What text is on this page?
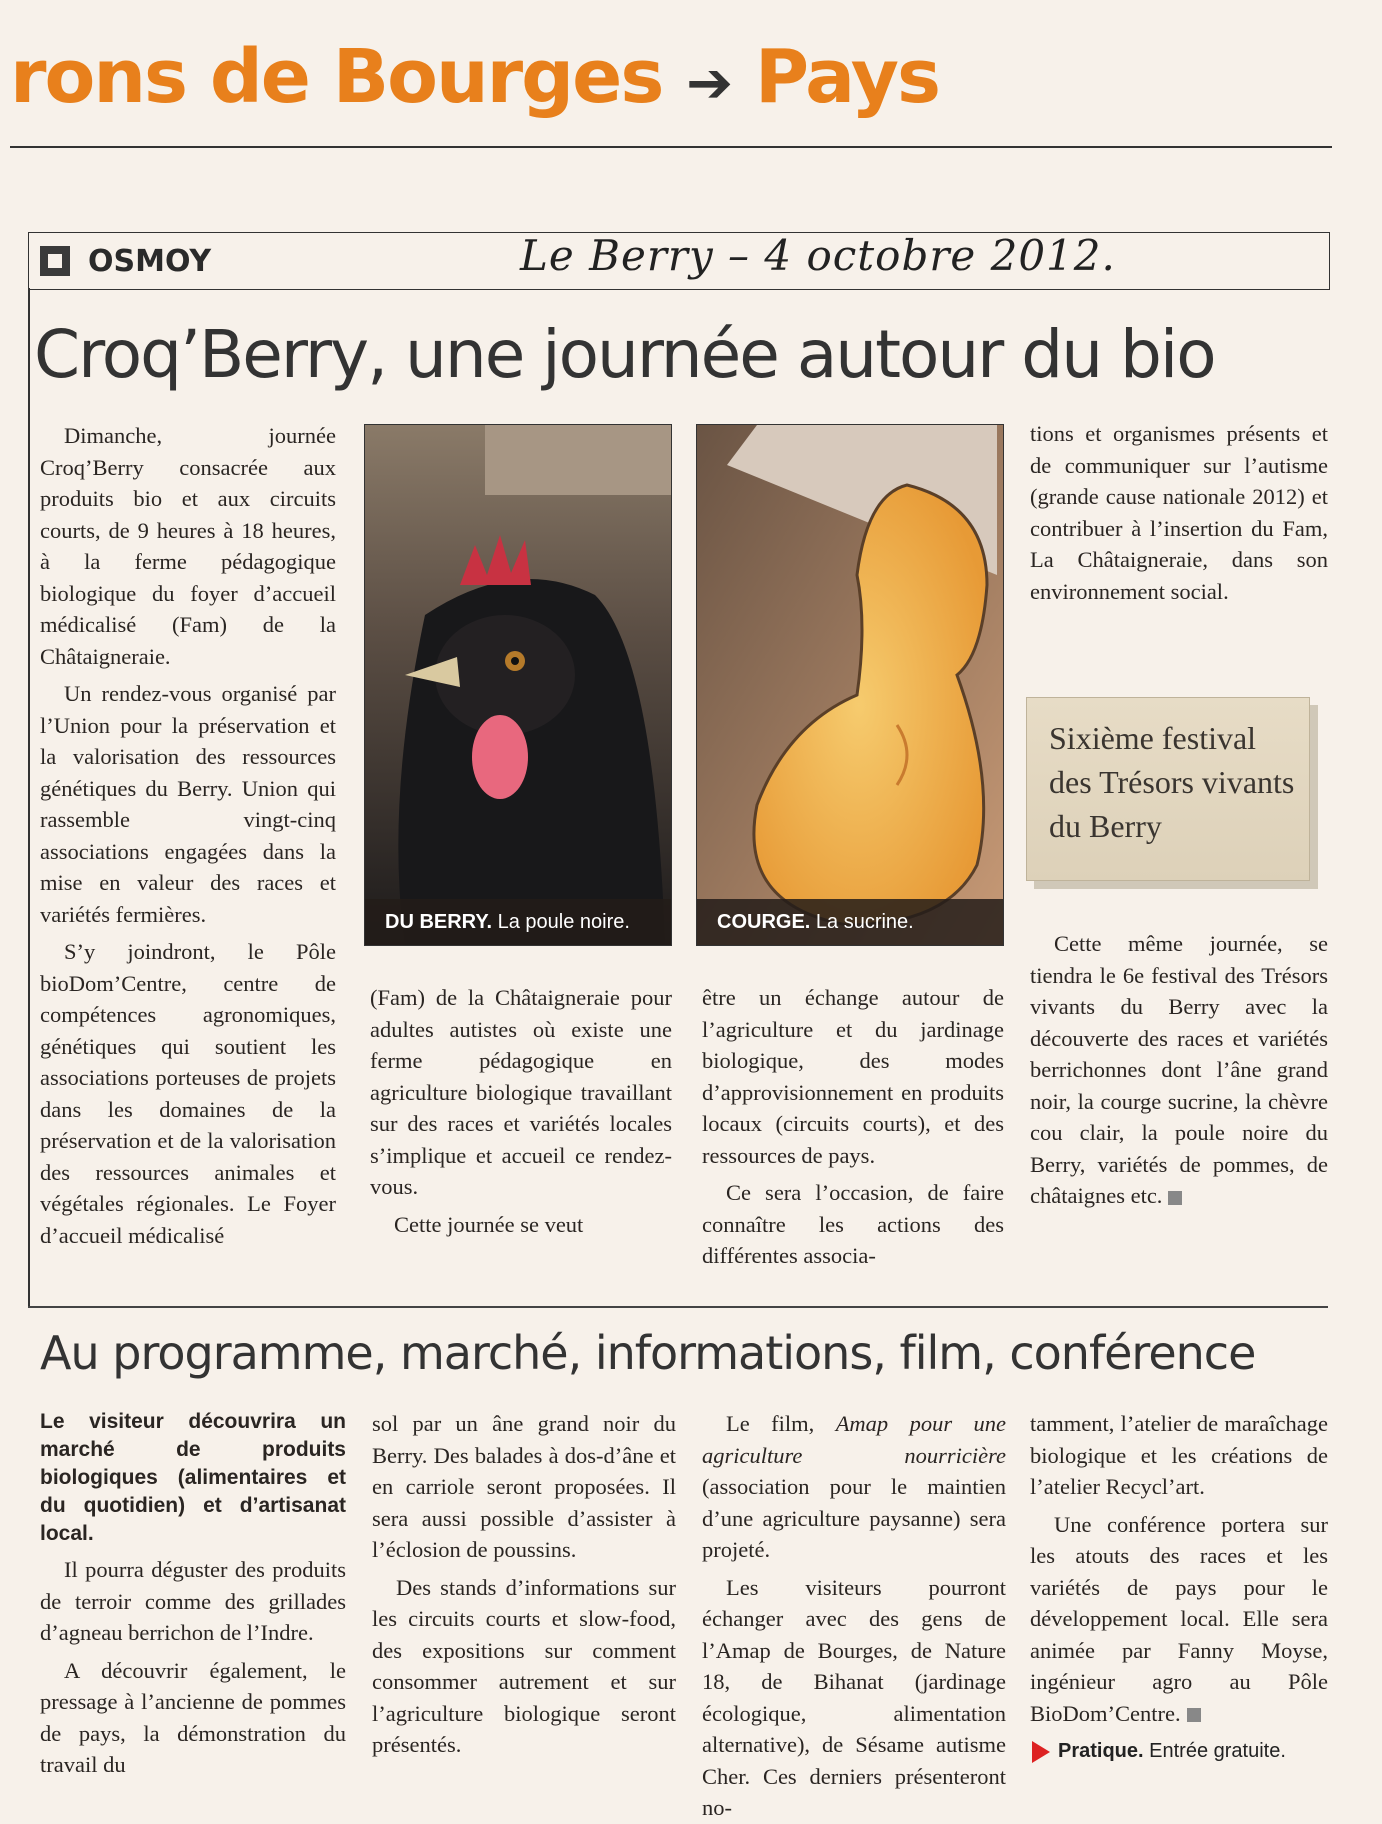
rons de Bourges ➔ Pays
OSMOY	Le Berry – 4 octobre 2012.
Croq’Berry, une journée autour du bio

Dimanche, journée Croq’Berry consacrée aux produits bio et aux circuits courts, de 9 heures à 18 heures, à la ferme pédagogique biologique du foyer d’accueil médicalisé (Fam) de la Châtaigneraie.

Un rendez-vous organisé par l’Union pour la préservation et la valorisation des ressources génétiques du Berry. Union qui rassemble vingt-cinq associations engagées dans la mise en valeur des races et variétés fermières.

S’y joindront, le Pôle bioDom’Centre, centre de compétences agronomiques, génétiques qui soutient les associations porteuses de projets dans les domaines de la préservation et de la valorisation des ressources animales et végétales régionales. Le Foyer d’accueil médicalisé

DU BERRY. La poule noire.	COURGE. La sucrine.

(Fam) de la Châtaigneraie pour adultes autistes où existe une ferme pédagogique en agriculture biologique travaillant sur des races et variétés locales s’implique et accueil ce rendez-vous.

Cette journée se veut

être un échange autour de l’agriculture et du jardinage biologique, des modes d’approvisionnement en produits locaux (circuits courts), et des ressources de pays.

Ce sera l’occasion, de faire connaître les actions des différentes associa-

tions et organismes présents et de communiquer sur l’autisme (grande cause nationale 2012) et contribuer à l’insertion du Fam, La Châtaigneraie, dans son environnement social.

Sixième festival des Trésors vivants du Berry

Cette même journée, se tiendra le 6e festival des Trésors vivants du Berry avec la découverte des races et variétés berrichonnes dont l’âne grand noir, la courge sucrine, la chèvre cou clair, la poule noire du Berry, variétés de pommes, de châtaignes etc.

Au programme, marché, informations, film, conférence

Le visiteur découvrira un marché de produits biologiques (alimentaires et du quotidien) et d’artisanat local.

Il pourra déguster des produits de terroir comme des grillades d’agneau berrichon de l’Indre.

A découvrir également, le pressage à l’ancienne de pommes de pays, la démonstration du travail du

sol par un âne grand noir du Berry. Des balades à dos-d’âne et en carriole seront proposées. Il sera aussi possible d’assister à l’éclosion de poussins.

Des stands d’informations sur les circuits courts et slow-food, des expositions sur comment consommer autrement et sur l’agriculture biologique seront présentés.

Le film, Amap pour une agriculture nourricière (association pour le maintien d’une agriculture paysanne) sera projeté.

Les visiteurs pourront échanger avec des gens de l’Amap de Bourges, de Nature 18, de Bihanat (jardinage écologique, alimentation alternative), de Sésame autisme Cher. Ces derniers présenteront no-

tamment, l’atelier de maraîchage biologique et les créations de l’atelier Recycl’art.

Une conférence portera sur les atouts des races et les variétés de pays pour le développement local. Elle sera animée par Fanny Moyse, ingénieur agro au Pôle BioDom’Centre.

Pratique. Entrée gratuite.
